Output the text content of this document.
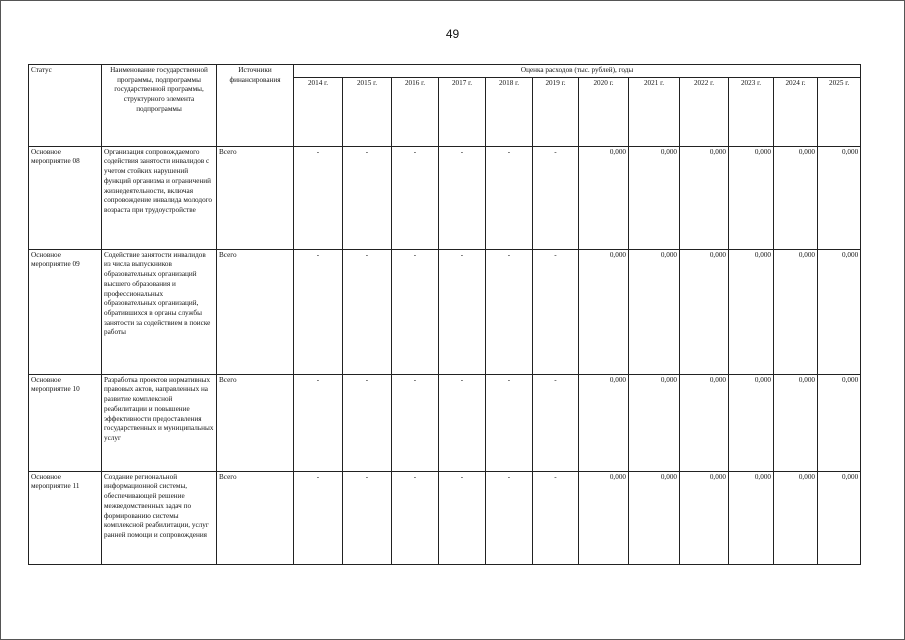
49
Статус	Наименование государственной программы, подпрограммы государственной программы, структурного элемента подпрограммы	Источники финансирования	Оценка расходов (тыс. рублей), годы											
			2014 г.	2015 г.	2016 г.	2017 г.	2018 г.	2019 г.	2020 г.	2021 г.	2022 г.	2023 г.	2024 г.	2025 г.
Основное мероприятие 08	Организация сопровождаемого содействия занятости инвалидов с учетом стойких нарушений функций организма и ограничений жизнедеятельности, включая сопровождение инвалида молодого возраста при трудоустройстве	Всего	-	-	-	-	-	-	0,000	0,000	0,000	0,000	0,000	0,000
Основное мероприятие 09	Содействие занятости инвалидов из числа выпускников образовательных организаций высшего образования и профессиональных образовательных организаций, обратившихся в органы службы занятости за содействием в поиске работы	Всего	-	-	-	-	-	-	0,000	0,000	0,000	0,000	0,000	0,000
Основное мероприятие 10	Разработка проектов нормативных правовых актов, направленных на развитие комплексной реабилитации и повышение эффективности предоставления государственных и муниципальных услуг	Всего	-	-	-	-	-	-	0,000	0,000	0,000	0,000	0,000	0,000
Основное мероприятие 11	Создание региональной информационной системы, обеспечивающей решение межведомственных задач по формированию системы комплексной реабилитации, услуг ранней помощи и сопровождения	Всего	-	-	-	-	-	-	0,000	0,000	0,000	0,000	0,000	0,000
